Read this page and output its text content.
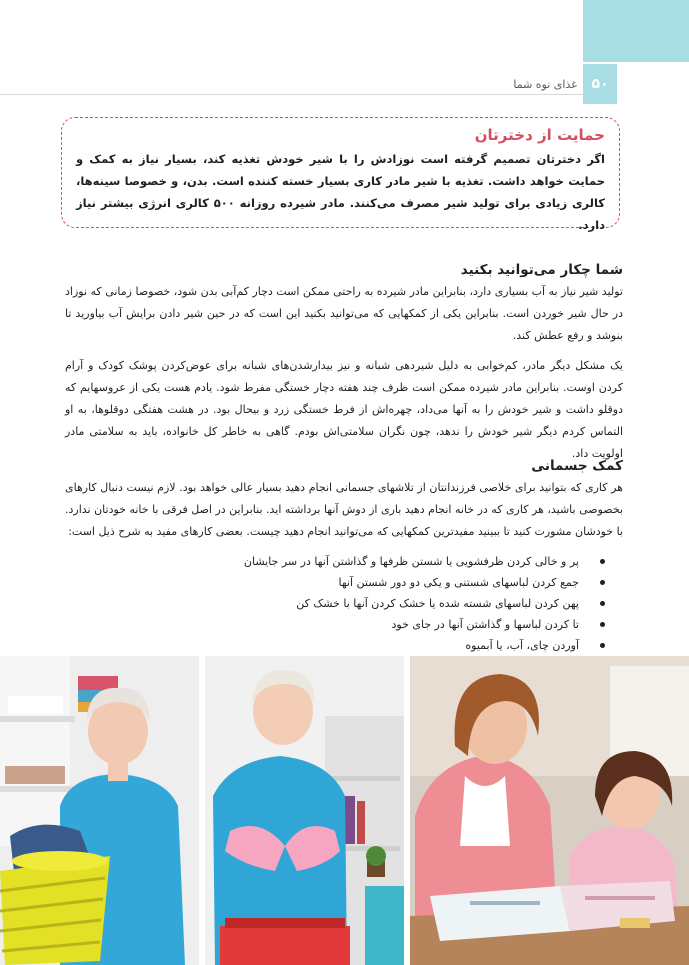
۵۰
غذای نوه شما
حمایت از دخترتان
اگر دخترتان تصمیم گرفته است نوزادش را با شیر خودش تغذیه کند، بسیار نیاز به کمک و حمایت خواهد داشت. تغذیه با شیر مادر کاری بسیار خسته کننده است. بدن، و خصوصا سینه‌ها، کالری زیادی برای تولید شیر مصرف می‌کنند. مادر شیرده روزانه ۵۰۰ کالری انرژی بیشتر نیاز دارد.
شما چکار می‌توانید بکنید

تولید شیر نیاز به آب بسیاری دارد، بنابراین مادر شیرده به راحتی ممکن است دچار کم‌آبی بدن شود، خصوصا زمانی که نوزاد در حال شیر خوردن است. بنابراین یکی از کمکهایی که می‌توانید بکنید این است که در حین شیر دادن برایش آب بیاورید تا بنوشد و رفع عطش کند.

یک مشکل دیگر مادر، کم‌خوابی به دلیل شیردهی شبانه و نیز بیدارشدن‌های شبانه برای عوض‌کردن پوشک کودک و آرام کردن اوست. بنابراین مادر شیرده ممکن است ظرف چند هفته دچار خستگی مفرط شود. یادم هست یکی از عروسهایم که دوقلو داشت و شیر خودش را به آنها می‌داد، چهره‌اش از فرط خستگی زرد و بیحال بود. در هشت هفتگی دوقلوها، به او التماس کردم دیگر شیر خودش را ندهد، چون نگران سلامتی‌اش بودم. گاهی به خاطر کل خانواده، باید به سلامتی مادر اولویت داد.

کمک جسمانی

هر کاری که بتوانید برای خلاصی فرزندانتان از تلاشهای جسمانی انجام دهید بسیار عالی خواهد بود. لازم نیست دنبال کارهای بخصوصی باشید، هر کاری که در خانه انجام دهید باری از دوش آنها برداشته اید. بنابراین در اصل فرقی با خانه خودتان ندارد. با خودشان مشورت کنید تا ببینید مفیدترین کمکهایی که می‌توانید انجام دهید چیست. بعضی کارهای مفید به شرح ذیل است:

پر و خالی کردن ظرفشویی یا شستن ظرفها و گذاشتن آنها در سر جایشان
جمع کردن لباسهای شستنی و یکی دو دور شستن آنها
پهن کردن لباسهای شسته شده یا خشک کردن آنها با خشک کن
تا کردن لباسها و گذاشتن آنها در جای خود
آوردن چای، آب، یا آبمیوه
